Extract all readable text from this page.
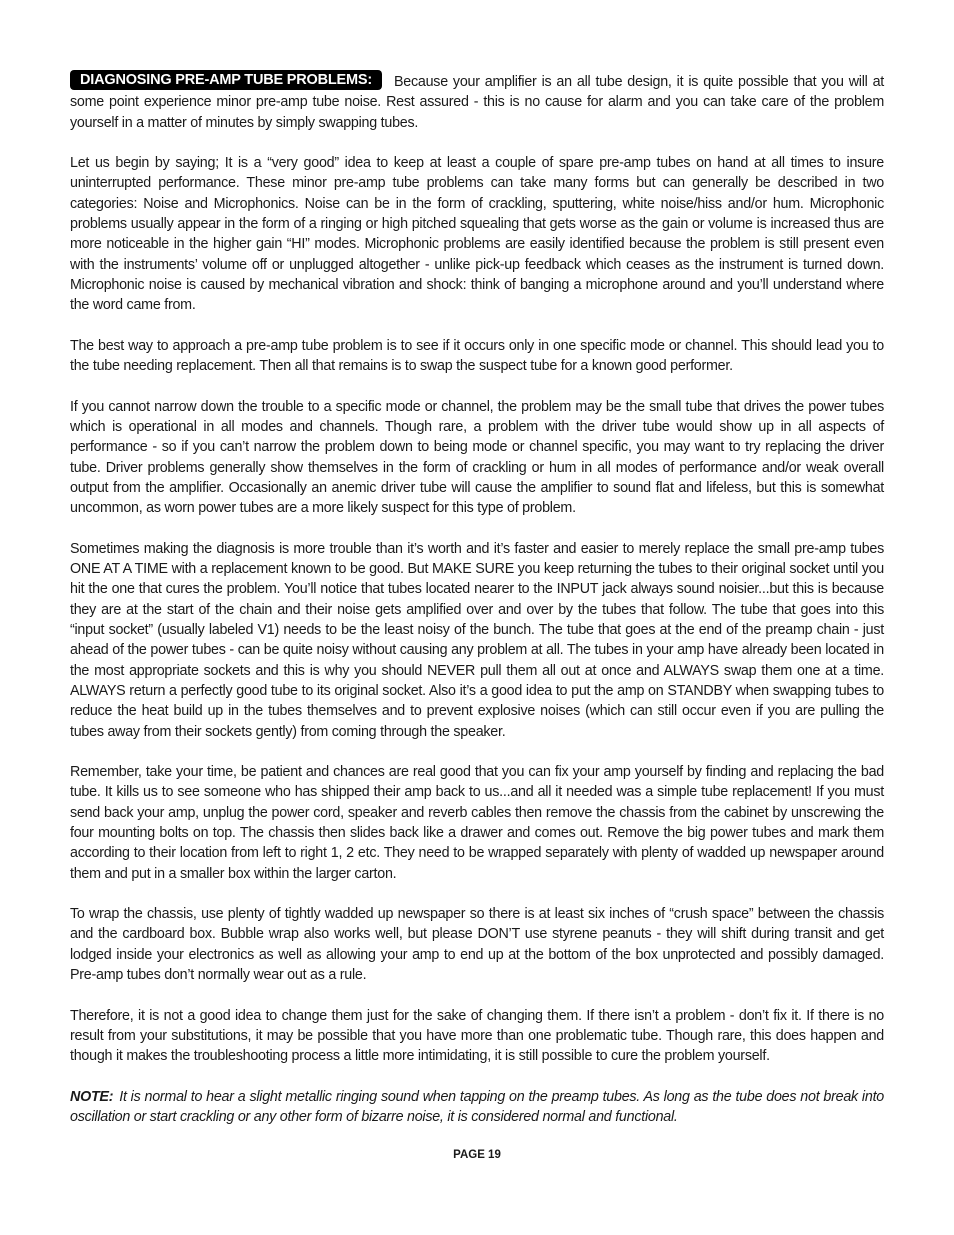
DIAGNOSING PRE-AMP TUBE PROBLEMS: Because your amplifier is an all tube design, it is quite possible that you will at some point experience minor pre-amp tube noise. Rest assured - this is no cause for alarm and you can take care of the problem yourself in a matter of minutes by simply swapping tubes.

Let us begin by saying; It is a “very good” idea to keep at least a couple of spare pre-amp tubes on hand at all times to insure uninterrupted performance. These minor pre-amp tube problems can take many forms but can generally be described in two categories: Noise and Microphonics. Noise can be in the form of crackling, sputtering, white noise/hiss and/or hum. Microphonic problems usually appear in the form of a ringing or high pitched squealing that gets worse as the gain or volume is increased thus are more noticeable in the higher gain “HI” modes. Microphonic problems are easily identified because the problem is still present even with the instruments’ volume off or unplugged altogether - unlike pick-up feedback which ceases as the instrument is turned down. Microphonic noise is caused by mechanical vibration and shock: think of banging a microphone around and you’ll understand where the word came from.

The best way to approach a pre-amp tube problem is to see if it occurs only in one specific mode or channel. This should lead you to the tube needing replacement. Then all that remains is to swap the suspect tube for a known good performer.

If you cannot narrow down the trouble to a specific mode or channel, the problem may be the small tube that drives the power tubes which is operational in all modes and channels. Though rare, a problem with the driver tube would show up in all aspects of performance - so if you can’t narrow the problem down to being mode or channel specific, you may want to try replacing the driver tube. Driver problems generally show themselves in the form of crackling or hum in all modes of performance and/or weak overall output from the amplifier. Occasionally an anemic driver tube will cause the amplifier to sound flat and lifeless, but this is somewhat uncommon, as worn power tubes are a more likely suspect for this type of problem.

Sometimes making the diagnosis is more trouble than it’s worth and it’s faster and easier to merely replace the small pre-amp tubes ONE AT A TIME with a replacement known to be good. But MAKE SURE you keep returning the tubes to their original socket until you hit the one that cures the problem. You’ll notice that tubes located nearer to the INPUT jack always sound noisier...but this is because they are at the start of the chain and their noise gets amplified over and over by the tubes that follow. The tube that goes into this “input socket” (usually labeled V1) needs to be the least noisy of the bunch. The tube that goes at the end of the preamp chain - just ahead of the power tubes - can be quite noisy without causing any problem at all. The tubes in your amp have already been located in the most appropriate sockets and this is why you should NEVER pull them all out at once and ALWAYS swap them one at a time. ALWAYS return a perfectly good tube to its original socket. Also it’s a good idea to put the amp on STANDBY when swapping tubes to reduce the heat build up in the tubes themselves and to prevent explosive noises (which can still occur even if you are pulling the tubes away from their sockets gently) from coming through the speaker.

Remember, take your time, be patient and chances are real good that you can fix your amp yourself by finding and replacing the bad tube. It kills us to see someone who has shipped their amp back to us...and all it needed was a simple tube replacement! If you must send back your amp, unplug the power cord, speaker and reverb cables then remove the chassis from the cabinet by unscrewing the four mounting bolts on top. The chassis then slides back like a drawer and comes out. Remove the big power tubes and mark them according to their location from left to right 1, 2 etc. They need to be wrapped separately with plenty of wadded up newspaper around them and put in a smaller box within the larger carton.

To wrap the chassis, use plenty of tightly wadded up newspaper so there is at least six inches of “crush space” between the chassis and the cardboard box. Bubble wrap also works well, but please DON’T use styrene peanuts - they will shift during transit and get lodged inside your electronics as well as allowing your amp to end up at the bottom of the box unprotected and possibly damaged. Pre-amp tubes don’t normally wear out as a rule.

Therefore, it is not a good idea to change them just for the sake of changing them. If there isn’t a problem - don’t fix it. If there is no result from your substitutions, it may be possible that you have more than one problematic tube. Though rare, this does happen and though it makes the troubleshooting process a little more intimidating, it is still possible to cure the problem yourself.

NOTE: It is normal to hear a slight metallic ringing sound when tapping on the preamp tubes. As long as the tube does not break into oscillation or start crackling or any other form of bizarre noise, it is considered normal and functional.

PAGE 19
